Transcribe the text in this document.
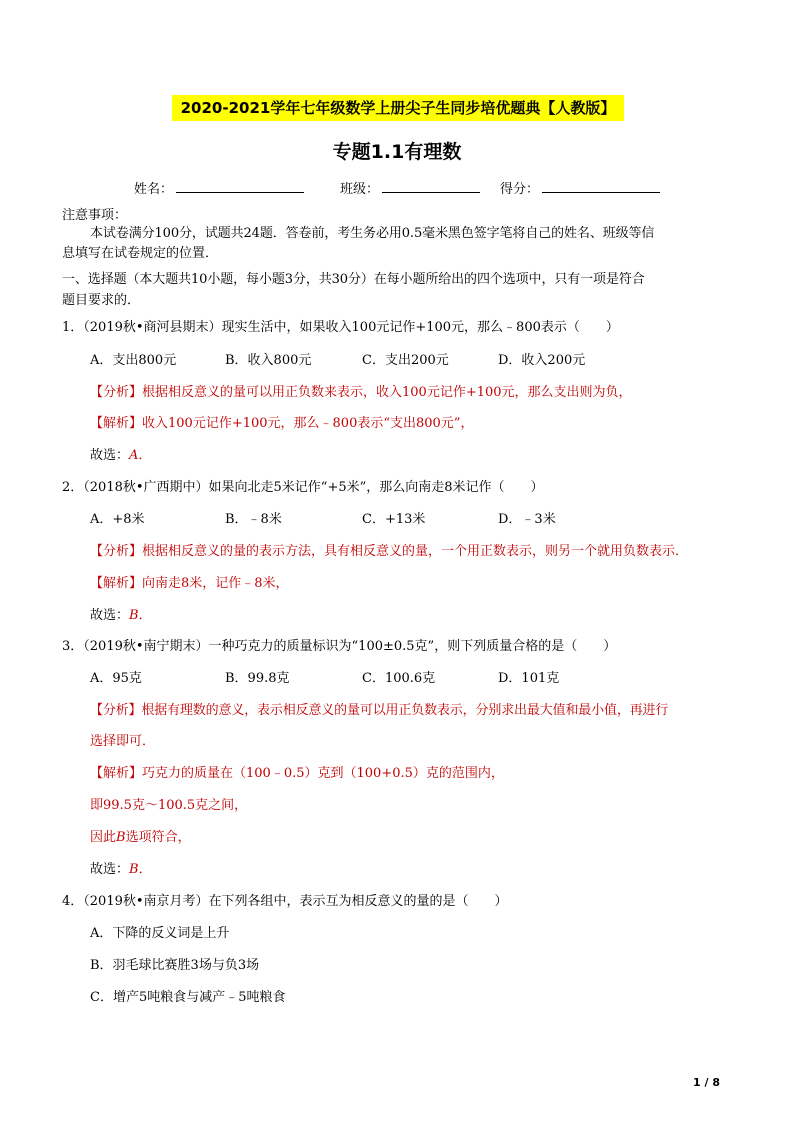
2020-2021学年七年级数学上册尖子生同步培优题典【人教版】
专题1.1有理数
姓名：	班级：	得分：
注意事项：
本试卷满分100分，试题共24题．答卷前，考生务必用0.5毫米黑色签字笔将自己的姓名、班级等信
息填写在试卷规定的位置．
一、选择题（本大题共10小题，每小题3分，共30分）在每小题所给出的四个选项中，只有一项是符合
题目要求的．
1．（2019秋•商河县期末）现实生活中，如果收入100元记作+100元，那么﹣800表示（　　）
A．支出800元	B．收入800元	C．支出200元	D．收入200元
【分析】根据相反意义的量可以用正负数来表示，收入100元记作+100元，那么支出则为负，
【解析】收入100元记作+100元，那么﹣800表示“支出800元”，
故选：A．
2．（2018秋•广西期中）如果向北走5米记作“+5米”，那么向南走8米记作（　　）
A．+8米	B．﹣8米	C．+13米	D．﹣3米
【分析】根据相反意义的量的表示方法，具有相反意义的量，一个用正数表示，则另一个就用负数表示．
【解析】向南走8米，记作﹣8米，
故选：B．
3．（2019秋•南宁期末）一种巧克力的质量标识为“100±0.5克”，则下列质量合格的是（　　）
A．95克	B．99.8克	C．100.6克	D．101克
【分析】根据有理数的意义，表示相反意义的量可以用正负数表示，分别求出最大值和最小值，再进行
选择即可．
【解析】巧克力的质量在（100﹣0.5）克到（100+0.5）克的范围内，
即99.5克～100.5克之间，
因此B选项符合，
故选：B．
4．（2019秋•南京月考）在下列各组中，表示互为相反意义的量的是（　　）
A．下降的反义词是上升
B．羽毛球比赛胜3场与负3场
C．增产5吨粮食与减产﹣5吨粮食
1 / 8
